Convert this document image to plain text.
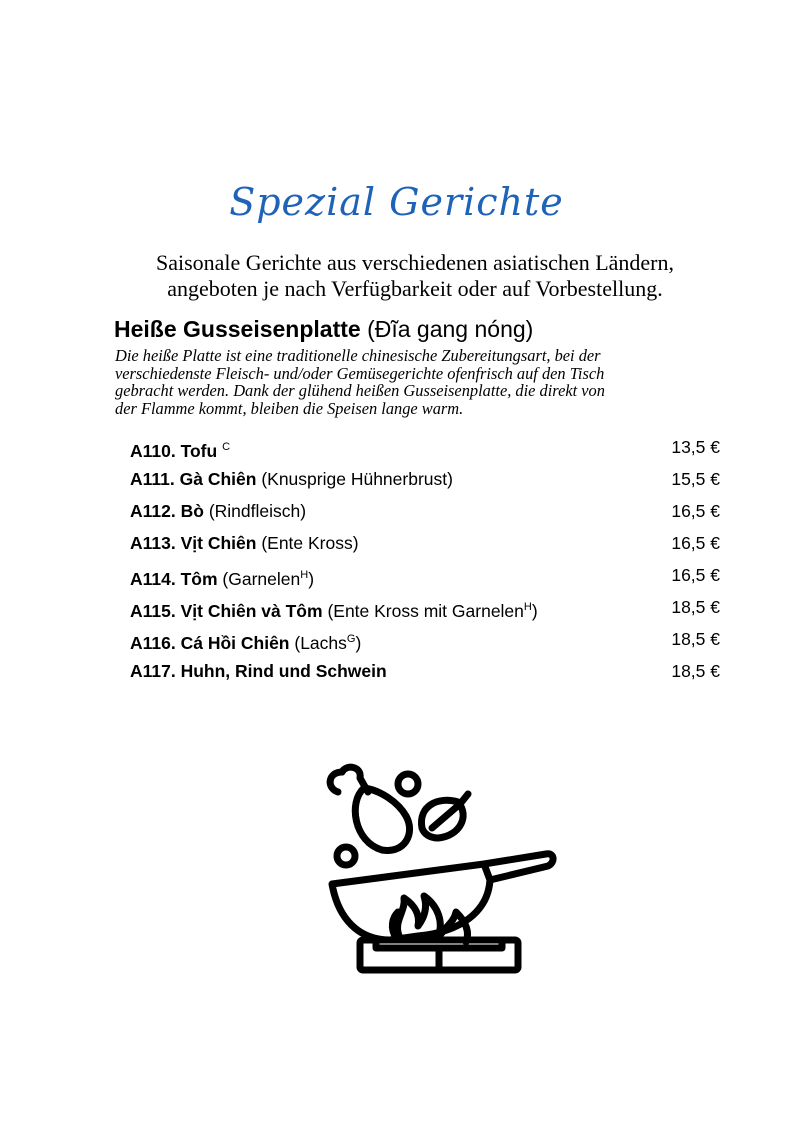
Spezial Gerichte
Saisonale Gerichte aus verschiedenen asiatischen Ländern,
angeboten je nach Verfügbarkeit oder auf Vorbestellung.
Heiße Gusseisenplatte (Đĩa gang nóng)
Die heiße Platte ist eine traditionelle chinesische Zubereitungsart, bei der
verschiedenste Fleisch- und/oder Gemüsegerichte ofenfrisch auf den Tisch
gebracht werden. Dank der glühend heißen Gusseisenplatte, die direkt von
der Flamme kommt, bleiben die Speisen lange warm.
A110. Tofu $^C$	13,5 €
A111. Gà Chiên (Knusprige Hühnerbrust)	15,5 €
A112. Bò (Rindfleisch)	16,5 €
A113. Vịt Chiên (Ente Kross)	16,5 €
A114. Tôm (Garnelen$^H$)	16,5 €
A115. Vịt Chiên và Tôm (Ente Kross mit Garnelen$^H$)	18,5 €
A116. Cá Hồi Chiên (Lachs$^G$)	18,5 €
A117. Huhn, Rind und Schwein	18,5 €
